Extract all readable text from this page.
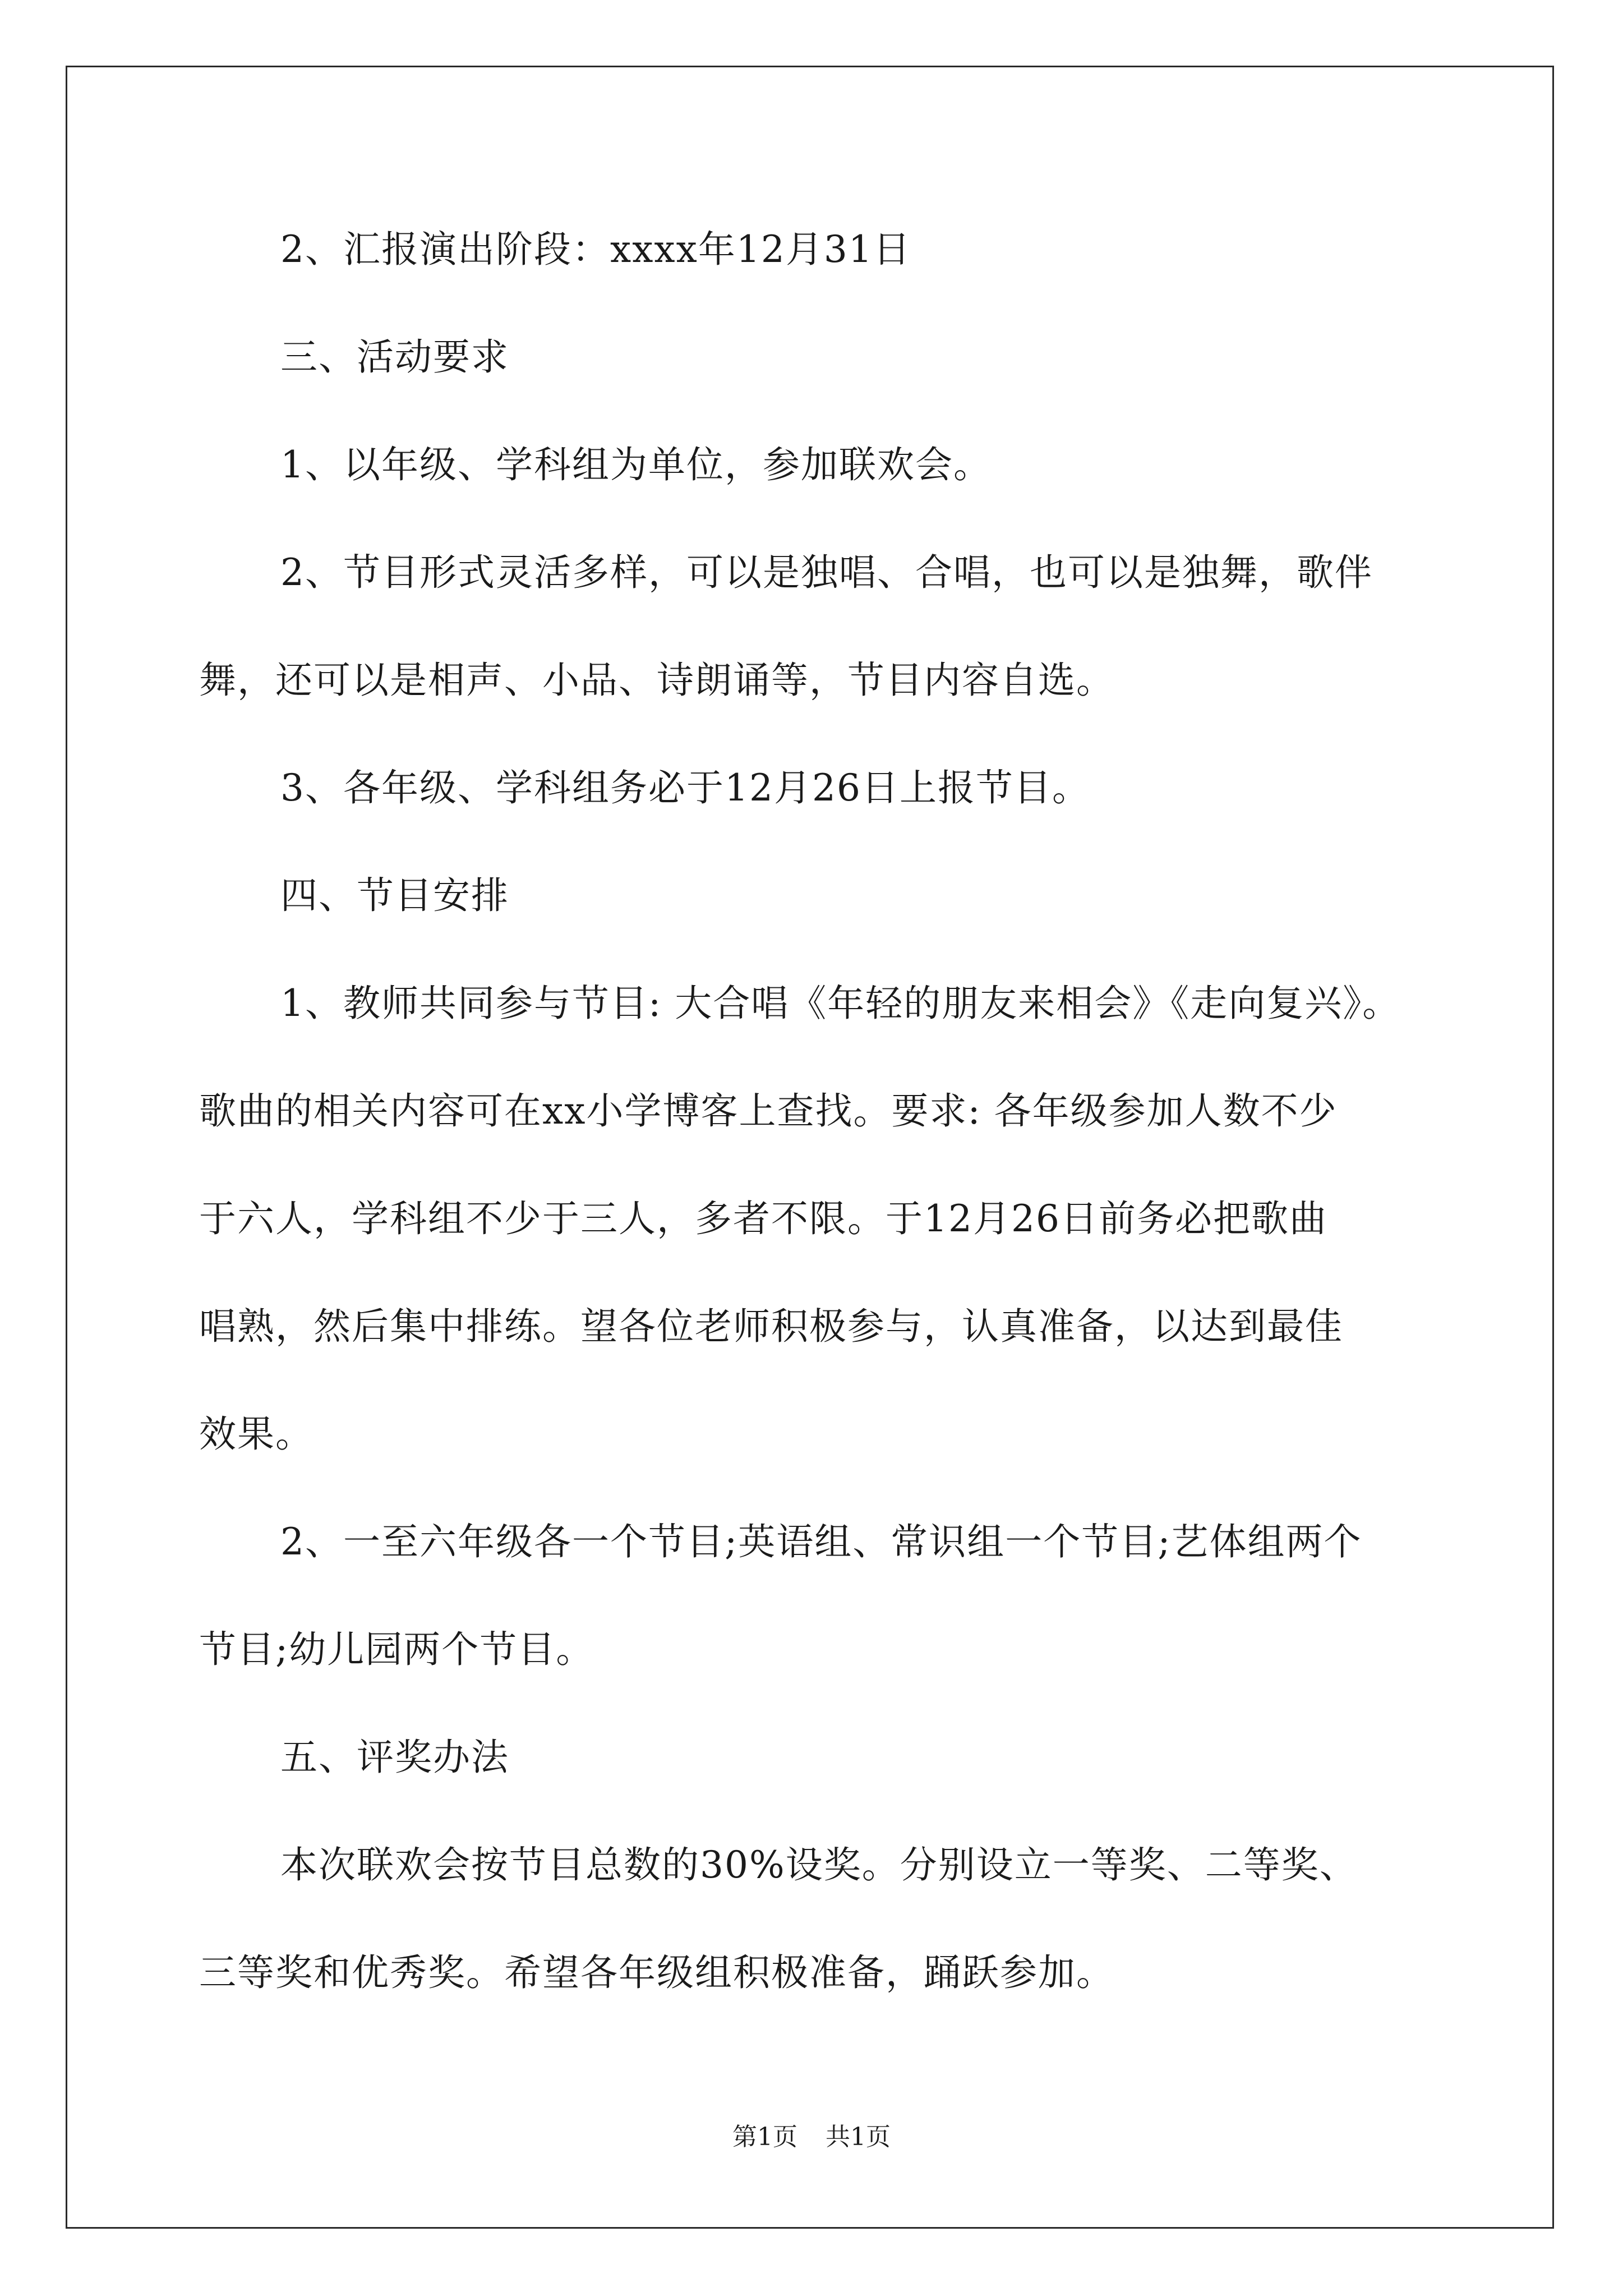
2、汇报演出阶段：xxxx年12月31日
三、活动要求
1、以年级、学科组为单位，参加联欢会。
2、节目形式灵活多样，可以是独唱、合唱，也可以是独舞，歌伴
舞，还可以是相声、小品、诗朗诵等，节目内容自选。
3、各年级、学科组务必于12月26日上报节目。
四、节目安排
1、教师共同参与节目: 大合唱《年轻的朋友来相会》《走向复兴》。
歌曲的相关内容可在xx小学博客上查找。要求: 各年级参加人数不少
于六人，学科组不少于三人，多者不限。于12月26日前务必把歌曲
唱熟，然后集中排练。望各位老师积极参与，认真准备，以达到最佳
效果。
2、一至六年级各一个节目;英语组、常识组一个节目;艺体组两个
节目;幼儿园两个节目。
五、评奖办法
本次联欢会按节目总数的30%设奖。分别设立一等奖、二等奖、
三等奖和优秀奖。希望各年级组积极准备，踊跃参加。
第1页 共1页
